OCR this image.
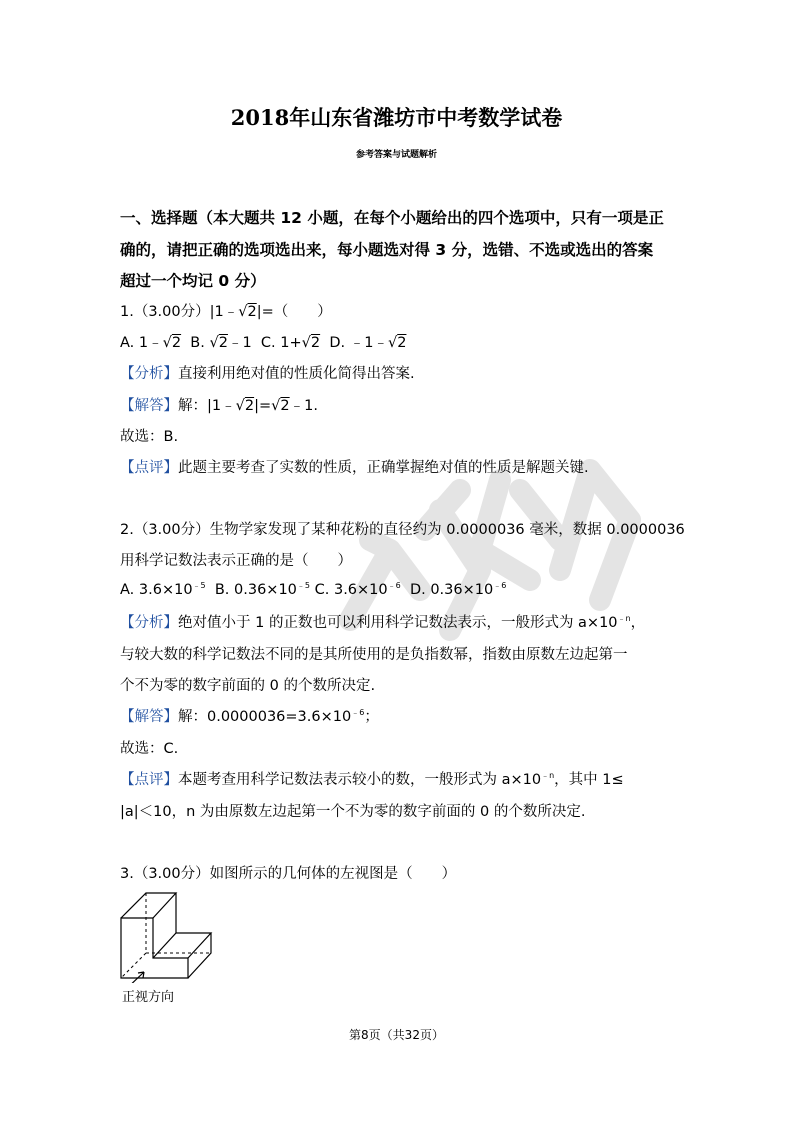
2018年山东省潍坊市中考数学试卷
参考答案与试题解析
一、选择题（本大题共 12 小题，在每个小题给出的四个选项中，只有一项是正
确的，请把正确的选项选出来，每小题选对得 3 分，选错、不选或选出的答案
超过一个均记 0 分）
1.（3.00分）|1﹣√2|=（　　）
A. 1﹣√2  B. √2﹣1  C. 1+√2  D. ﹣1﹣√2
【分析】直接利用绝对值的性质化简得出答案.
【解答】解：|1﹣√2|=√2﹣1.
故选：B.
【点评】此题主要考查了实数的性质，正确掌握绝对值的性质是解题关键.
2.（3.00分）生物学家发现了某种花粉的直径约为 0.0000036 毫米，数据 0.0000036
用科学记数法表示正确的是（　　）
A. $3.6\times 10^{﹣5}$  B. $0.36\times 10^{﹣5}$ C. $3.6\times 10^{﹣6}$  D. $0.36\times 10^{﹣6}$
【分析】绝对值小于 1 的正数也可以利用科学记数法表示，一般形式为 $a\times 10^{﹣n}$，
与较大数的科学记数法不同的是其所使用的是负指数幂，指数由原数左边起第一
个不为零的数字前面的 0 的个数所决定.
【解答】解：$0.0000036=3.6\times 10^{﹣6}$；
故选：C.
【点评】本题考查用科学记数法表示较小的数，一般形式为 $a\times 10^{﹣n}$，其中 1≤
|a|＜10，n 为由原数左边起第一个不为零的数字前面的 0 的个数所决定.
3.（3.00分）如图所示的几何体的左视图是（　　）
正视方向
第8页（共32页）
